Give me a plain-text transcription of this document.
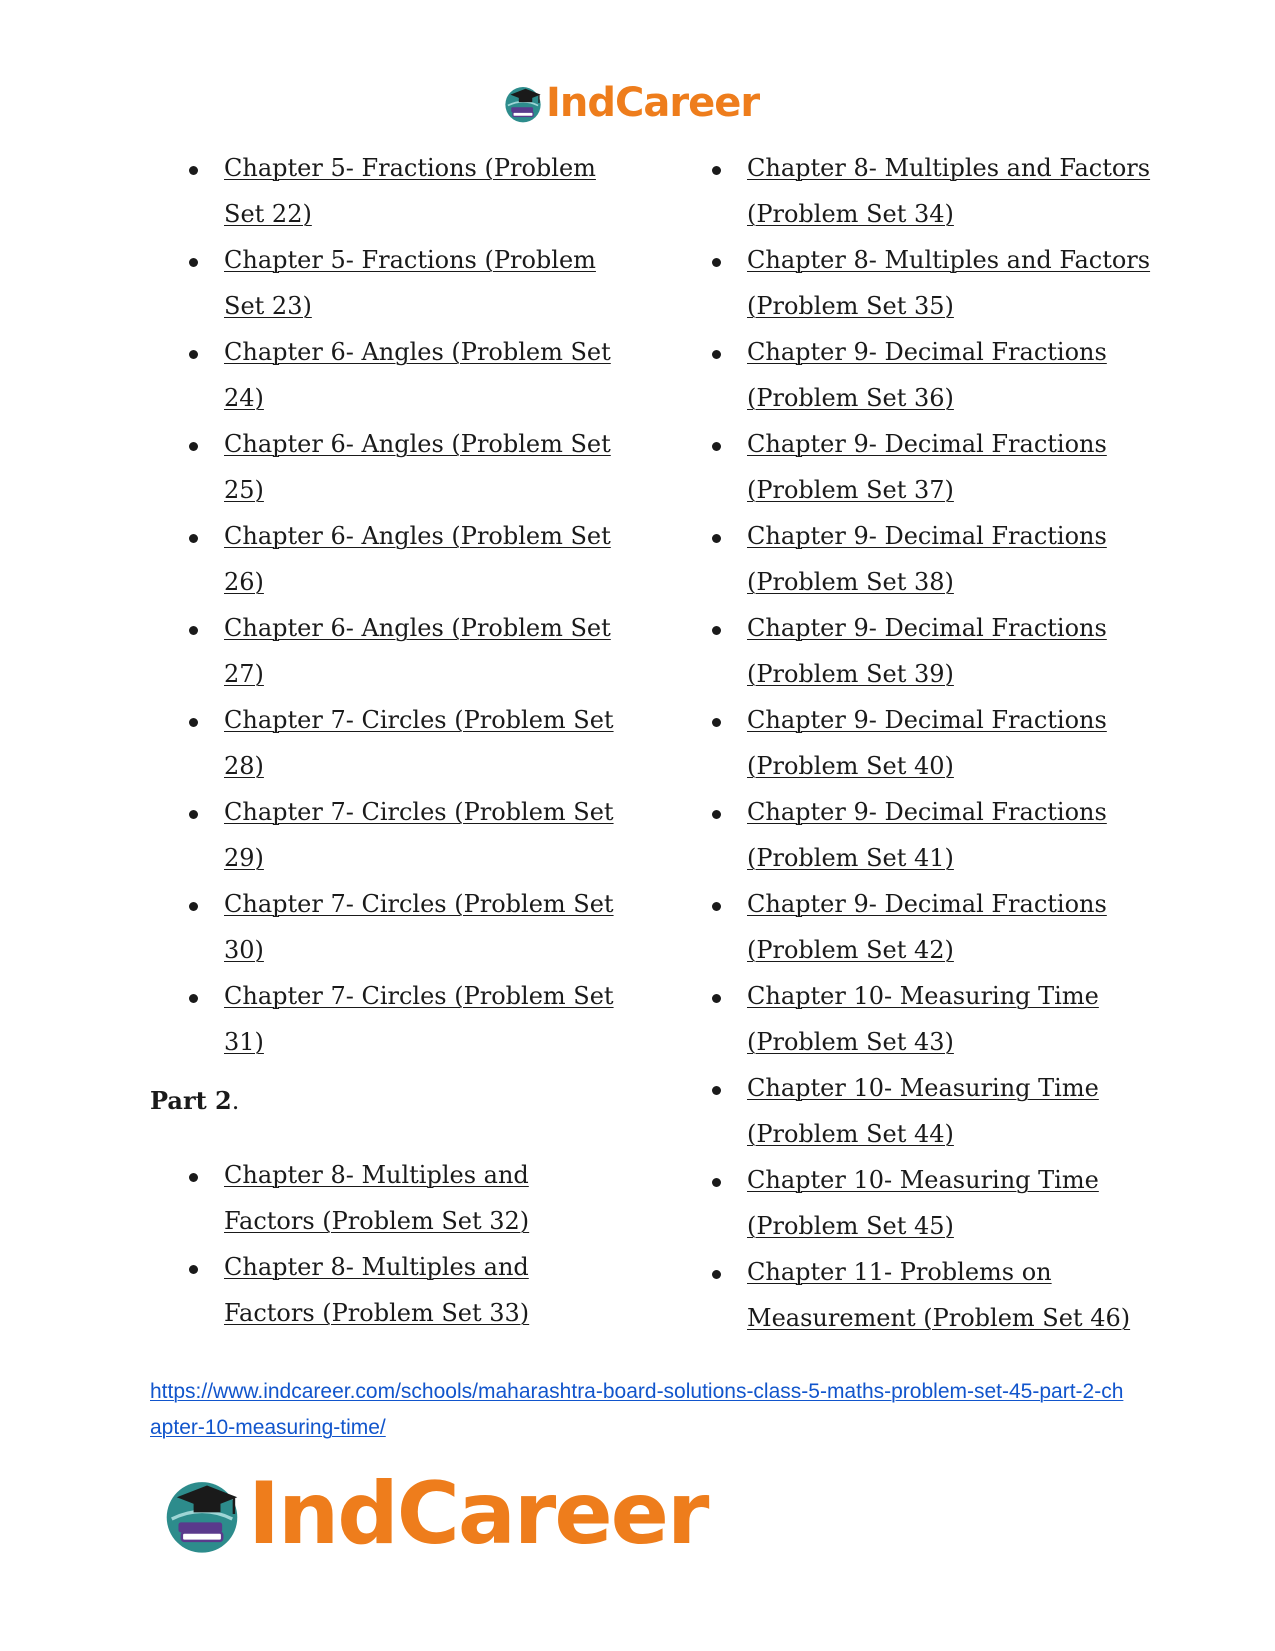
IndCareer
Chapter 5- Fractions (Problem Set 22)
Chapter 5- Fractions (Problem Set 23)
Chapter 6- Angles (Problem Set 24)
Chapter 6- Angles (Problem Set 25)
Chapter 6- Angles (Problem Set 26)
Chapter 6- Angles (Problem Set 27)
Chapter 7- Circles (Problem Set 28)
Chapter 7- Circles (Problem Set 29)
Chapter 7- Circles (Problem Set 30)
Chapter 7- Circles (Problem Set 31)
Chapter 8- Multiples and Factors (Problem Set 34)
Chapter 8- Multiples and Factors (Problem Set 35)
Chapter 9- Decimal Fractions (Problem Set 36)
Chapter 9- Decimal Fractions (Problem Set 37)
Chapter 9- Decimal Fractions (Problem Set 38)
Chapter 9- Decimal Fractions (Problem Set 39)
Chapter 9- Decimal Fractions (Problem Set 40)
Chapter 9- Decimal Fractions (Problem Set 41)
Chapter 9- Decimal Fractions (Problem Set 42)
Chapter 10- Measuring Time (Problem Set 43)
Chapter 10- Measuring Time (Problem Set 44)
Chapter 10- Measuring Time (Problem Set 45)
Chapter 11- Problems on Measurement (Problem Set 46)

Part 2.

Chapter 8- Multiples and Factors (Problem Set 32)
Chapter 8- Multiples and Factors (Problem Set 33)
https://www.indcareer.com/schools/maharashtra-board-solutions-class-5-maths-problem-set-45-part-2-chapter-10-measuring-time/
IndCareer
